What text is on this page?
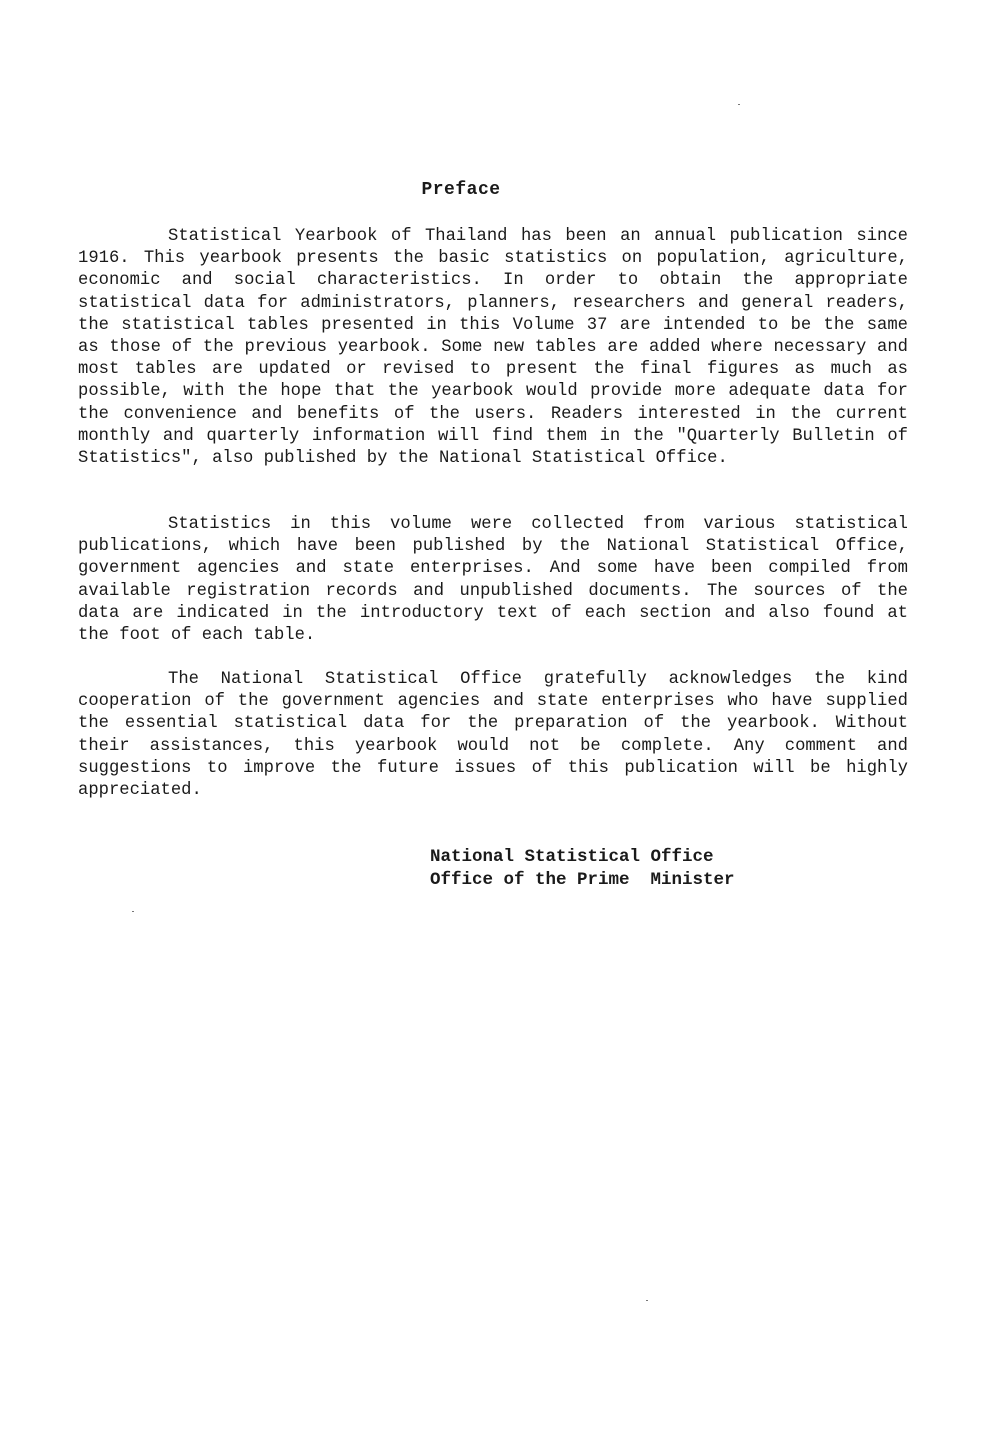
Preface

Statistical Yearbook of Thailand has been an annual publication since 1916. This yearbook presents the basic statistics on population, agriculture, economic and social characteristics. In order to obtain the appropriate statistical data for administrators, planners, researchers and general readers, the statistical tables presented in this Volume 37 are intended to be the same as those of the previous yearbook. Some new tables are added where necessary and most tables are updated or revised to present the final figures as much as possible, with the hope that the yearbook would provide more adequate data for the convenience and benefits of the users. Readers interested in the current monthly and quarterly information will find them in the "Quarterly Bulletin of Statistics", also published by the National Statistical Office.

Statistics in this volume were collected from various statistical publications, which have been published by the National Statistical Office, government agencies and state enterprises. And some have been compiled from available registration records and unpublished documents. The sources of the data are indicated in the introductory text of each section and also found at the foot of each table.

The National Statistical Office gratefully acknowledges the kind cooperation of the government agencies and state enterprises who have supplied the essential statistical data for the preparation of the yearbook. Without their assistances, this yearbook would not be complete. Any comment and suggestions to improve the future issues of this publication will be highly appreciated.

National Statistical Office
Office of the Prime  Minister
